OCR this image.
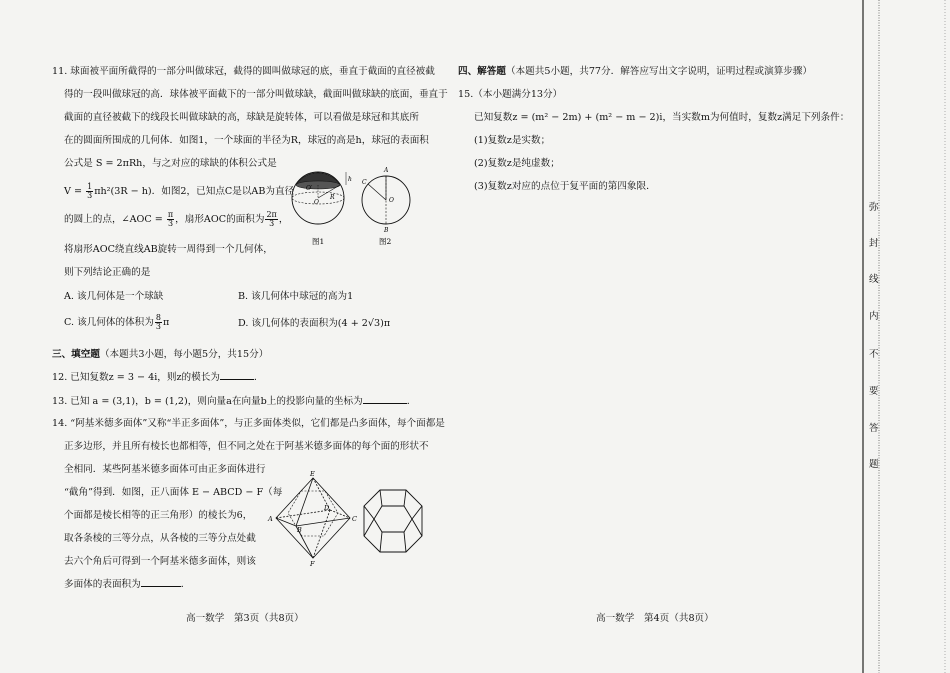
11. 球面被平面所截得的一部分叫做球冠，截得的圆叫做球冠的底，垂直于截面的直径被截
得的一段叫做球冠的高．球体被平面截下的一部分叫做球缺，截面叫做球缺的底面，垂直于
截面的直径被截下的线段长叫做球缺的高，球缺是旋转体，可以看做是球冠和其底所
在的圆面所围成的几何体．如图1，一个球面的半径为R，球冠的高是h，球冠的表面积
公式是 S = 2πRh，与之对应的球缺的体积公式是
$V = \frac{1}{3} \pi h^2(3R - h)$．如图2，已知点C是以AB为直径
的圆上的点，∠AOC = $\frac{\pi}{3}$ ，扇形AOC的面积为 $\frac{2\pi}{3}$ ，
将扇形AOC绕直线AB旋转一周得到一个几何体，
则下列结论正确的是
A. 该几何体是一个球缺	B. 该几何体中球冠的高为1
C. 该几何体的体积为 $\frac{8}{3}$ π	D. 该几何体的表面积为(4 + 2√3)π
h
R
O
O′
图1
A
B
C
O
图2
三、填空题（本题共3小题，每小题5分，共15分）
12. 已知复数z = 3 − 4i，则z的模长为	．
13. 已知 a = (3,1)，b = (1,2)，则向量a在向量b上的投影向量的坐标为	．
14. “阿基米德多面体”又称“半正多面体”，与正多面体类似，它们都是凸多面体，每个面都是
正多边形，并且所有棱长也都相等，但不同之处在于阿基米德多面体的每个面的形状不
全相同．某些阿基米德多面体可由正多面体进行
“截角”得到．如图，正八面体 E − ABCD − F（每
个面都是棱长相等的正三角形）的棱长为6，
取各条棱的三等分点，从各棱的三等分点处截
去六个角后可得到一个阿基米德多面体，则该
多面体的表面积为	．
E
A
B
C
D
F
高一数学　第3页（共8页）
四、解答题（本题共5小题，共77分．解答应写出文字说明，证明过程或演算步骤）
15.（本小题满分13分）
已知复数z = (m² − 2m) + (m² − m − 2)i，当实数m为何值时，复数z满足下列条件：
(1)复数z是实数；
(2)复数z是纯虚数；
(3)复数z对应的点位于复平面的第四象限．
高一数学　第4页（共8页）
弥
封
线
内
不
要
答
题
